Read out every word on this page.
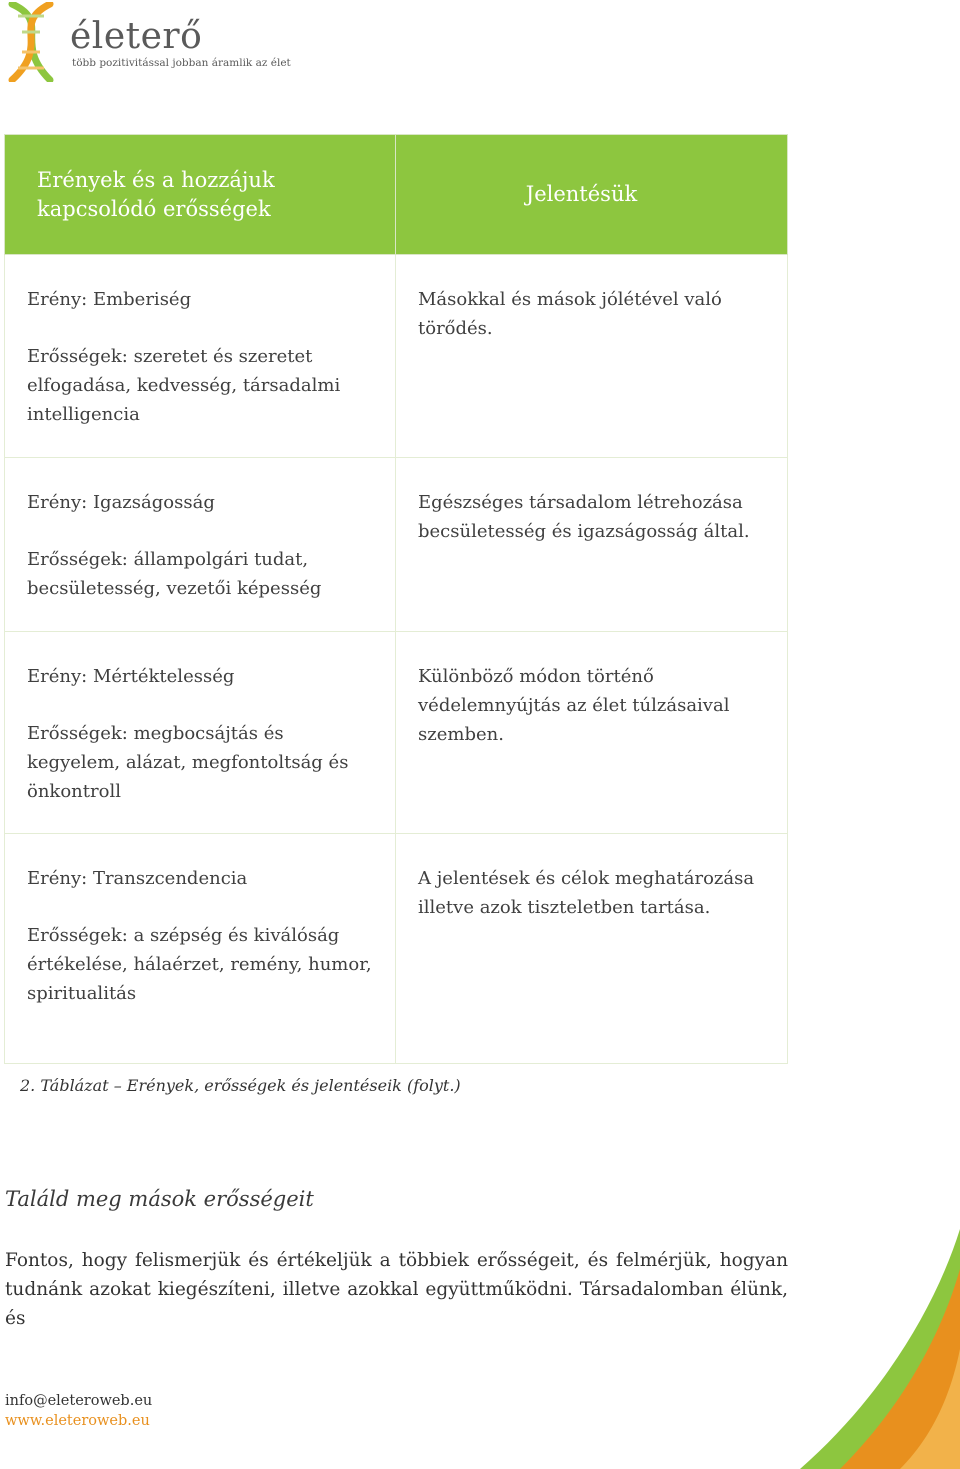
életerő
több pozitivitással jobban áramlik az élet
Erények és a hozzájuk kapcsolódó erősségek	Jelentésük

Erény: Emberiség

Erősségek: szeretet és szeretet elfogadása, kedvesség, társadalmi intelligencia	Másokkal és mások jólétével való törődés.

Erény: Igazságosság

Erősségek: állampolgári tudat, becsületesség, vezetői képesség	Egészséges társadalom létrehozása becsületesség és igazságosság által.

Erény: Mértéktelesség

Erősségek: megbocsájtás és kegyelem, alázat, megfontoltság és önkontroll	Különböző módon történő védelemnyújtás az élet túlzásaival szemben.

Erény: Transzcendencia

Erősségek: a szépség és kiválóság értékelése, hálaérzet, remény, humor, spiritualitás	A jelentések és célok meghatározása illetve azok tiszteletben tartása.

2. Táblázat – Erények, erősségek és jelentéseik (folyt.)
Találd meg mások erősségeit

Fontos, hogy felismerjük és értékeljük a többiek erősségeit, és felmérjük, hogyan tudnánk azokat kiegészíteni, illetve azokkal együttműködni. Társadalomban élünk, és

info@eleteroweb.eu
www.eleteroweb.eu
